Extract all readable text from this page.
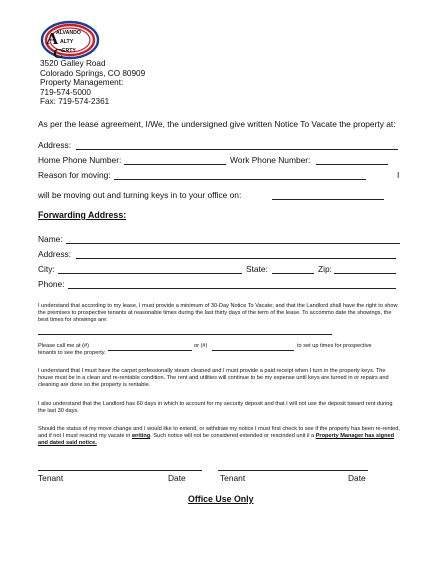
A
C
ALVANDO
ALTY
ERTY
3520 Galley Road
Colorado Springs, CO 80909
Property Management:
719-574-5000
Fax: 719-574-2361
As per the lease agreement, I/We, the undersigned give written Notice To Vacate the property at:
Address:
Home Phone Number:	Work Phone Number:
Reason for moving:	I
will be moving out and turning keys in to your office on:
Forwarding Address:
Name:
Address:
City:	State:	Zip:
Phone:
I understand that according to my lease, I must provide a minimum of 30-Day Notice To Vacate; and that the Landlord shall have the right to show the premises to prospective tenants at reasonable times during the last thirty days of the term of the lease. To accommo date the showings, the best times for showings are:
Please call me at (#)	or (#)	to set up times for prospective
tenants to see the property.
I understand that I must have the carpet professionally steam cleaned and I must provide a paid receipt when I turn in the property keys. The house must be in a clean and re-rentable condition. The rent and utilities will continue to be my expense until keys are turned in or repairs and cleaning are done so the property is rentable.
I also understand that the Landlord has 60 days in which to account for my security deposit and that I will not use the deposit toward rent during the last 30 days.
Should the status of my move change and I would like to extend, or withdraw my notice I must first check to see if the property has been re-rented, and if not I must rescind my vacate in writing. Such notice will not be considered extended or rescinded unit il a Property Manager has signed and dated said notice.
Tenant	Date	Tenant	Date
Office Use Only
